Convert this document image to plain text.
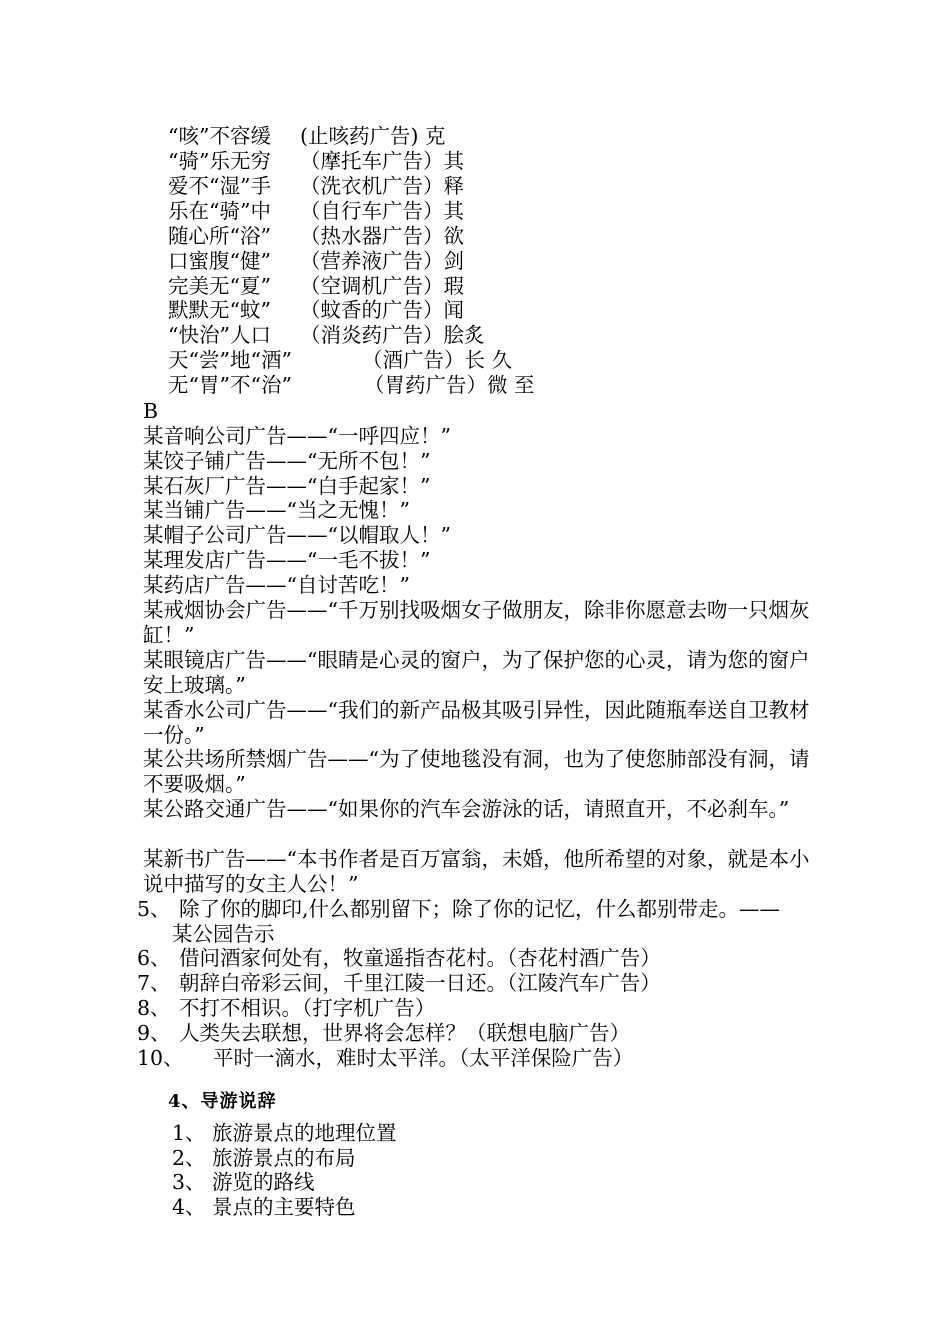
“咳”不容缓 (止咳药广告) 克
“骑”乐无穷 （摩托车广告）其
爱不“湿”手 （洗衣机广告）释
乐在“骑”中 （自行车广告）其
随心所“浴” （热水器广告）欲
口蜜腹“健” （营养液广告）剑
完美无“夏” （空调机广告）瑕
默默无“蚊” （蚊香的广告）闻
“快治”人口 （消炎药广告）脍炙
天“尝”地“酒”	（酒广告）长 久
无“胃”不“治”	（胃药广告）微 至
B
某音响公司广告——“一呼四应！”
某饺子铺广告——“无所不包！”
某石灰厂广告——“白手起家！”
某当铺广告——“当之无愧！”
某帽子公司广告——“以帽取人！”
某理发店广告——“一毛不拔！”
某药店广告——“自讨苦吃！”
某戒烟协会广告——“千万别找吸烟女子做朋友，除非你愿意去吻一只烟灰缸！”
某眼镜店广告——“眼睛是心灵的窗户，为了保护您的心灵，请为您的窗户安上玻璃。”
某香水公司广告——“我们的新产品极其吸引异性，因此随瓶奉送自卫教材一份。”
某公共场所禁烟广告——“为了使地毯没有洞，也为了使您肺部没有洞，请不要吸烟。”
某公路交通广告——“如果你的汽车会游泳的话，请照直开，不必刹车。”
某新书广告——“本书作者是百万富翁，未婚，他所希望的对象，就是本小说中描写的女主人公！”
5、 除了你的脚印,什么都别留下；除了你的记忆，什么都别带走。——
某公园告示
6、 借问酒家何处有，牧童遥指杏花村。（杏花村酒广告）
7、 朝辞白帝彩云间，千里江陵一日还。（江陵汽车广告）
8、 不打不相识。（打字机广告）
9、 人类失去联想，世界将会怎样？（联想电脑广告）
10、 平时一滴水，难时太平洋。（太平洋保险广告）
4、导游说辞
1、 旅游景点的地理位置
2、 旅游景点的布局
3、 游览的路线
4、 景点的主要特色
